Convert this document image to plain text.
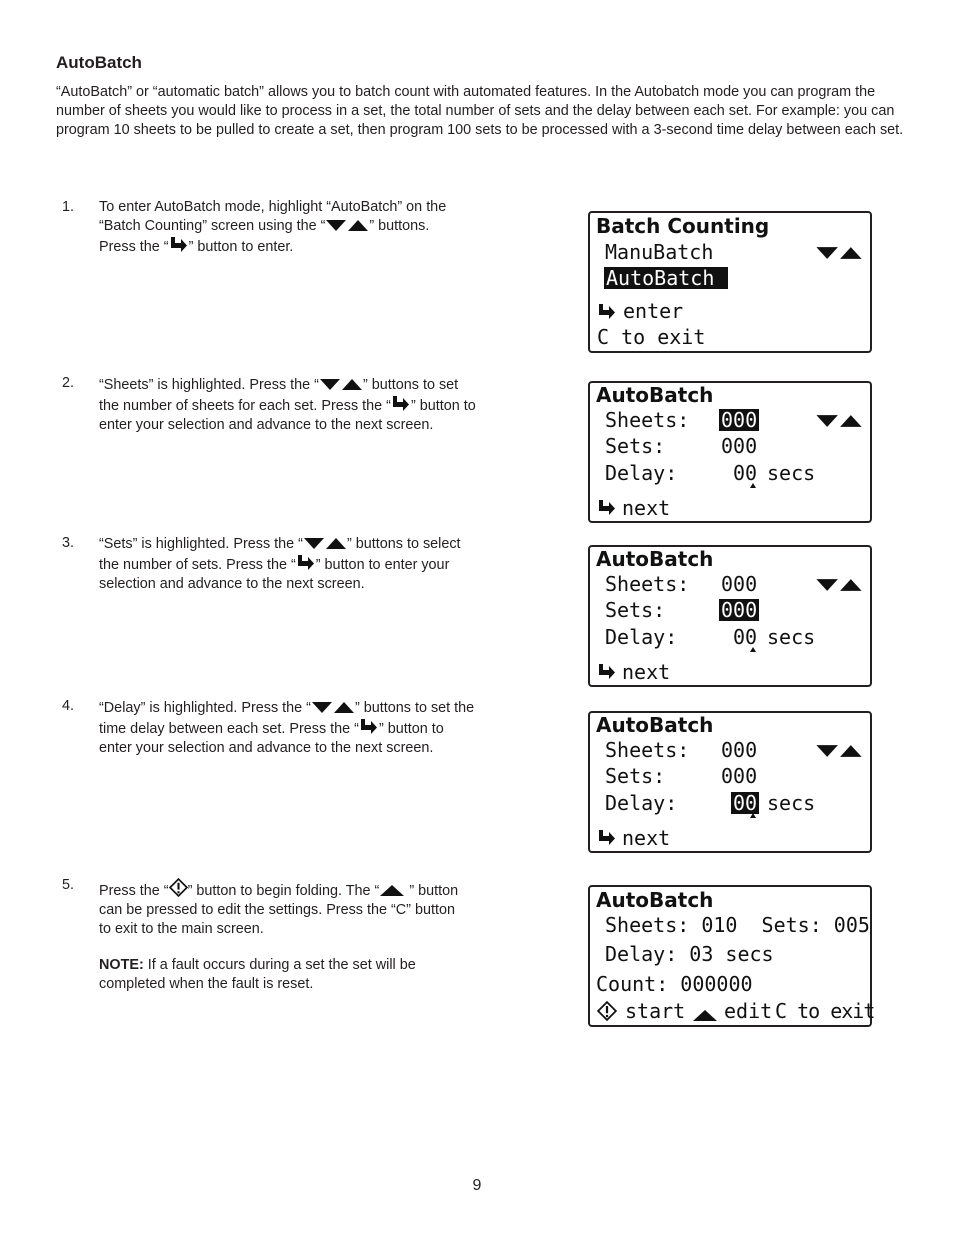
AutoBatch
“AutoBatch” or “automatic batch” allows you to batch count with automated features. In the Autobatch mode you can program the number of sheets you would like to process in a set, the total number of sets and the delay between each set. For example: you can program 10 sheets to be pulled to create a set, then program 100 sets to be processed with a 3-second time delay between each set.
1. To enter AutoBatch mode, highlight “AutoBatch” on the “Batch Counting” screen using the “	” buttons. Press the “ ” button to enter.
2. “Sheets” is highlighted. Press the “	” buttons to set the number of sheets for each set. Press the “ ” button to enter your selection and advance to the next screen.
3. “Sets” is highlighted. Press the “	” buttons to select the number of sets. Press the “ ” button to enter your selection and advance to the next screen.
4. “Delay” is highlighted. Press the “	” buttons to set the time delay between each set. Press the “ ” button to enter your selection and advance to the next screen.
5. Press the “ ” button to begin folding. The “
” button can be pressed to edit the settings. Press the “C” button to exit to the main screen.
NOTE: If a fault occurs during a set the set will be completed when the fault is reset.
Batch Counting
ManuBatch
AutoBatch
enter
C to exit
AutoBatch
Sheets: 000
Sets:	000
Delay:	00 secs
next
AutoBatch
Sheets: 000
Sets:	000
Delay:	00 secs
next
AutoBatch
Sheets: 000
Sets:	000
Delay:	00 secs
next
AutoBatch
Sheets: 010  Sets: 005
Delay: 03 secs
Count: 000000
start edit C to exit
9
